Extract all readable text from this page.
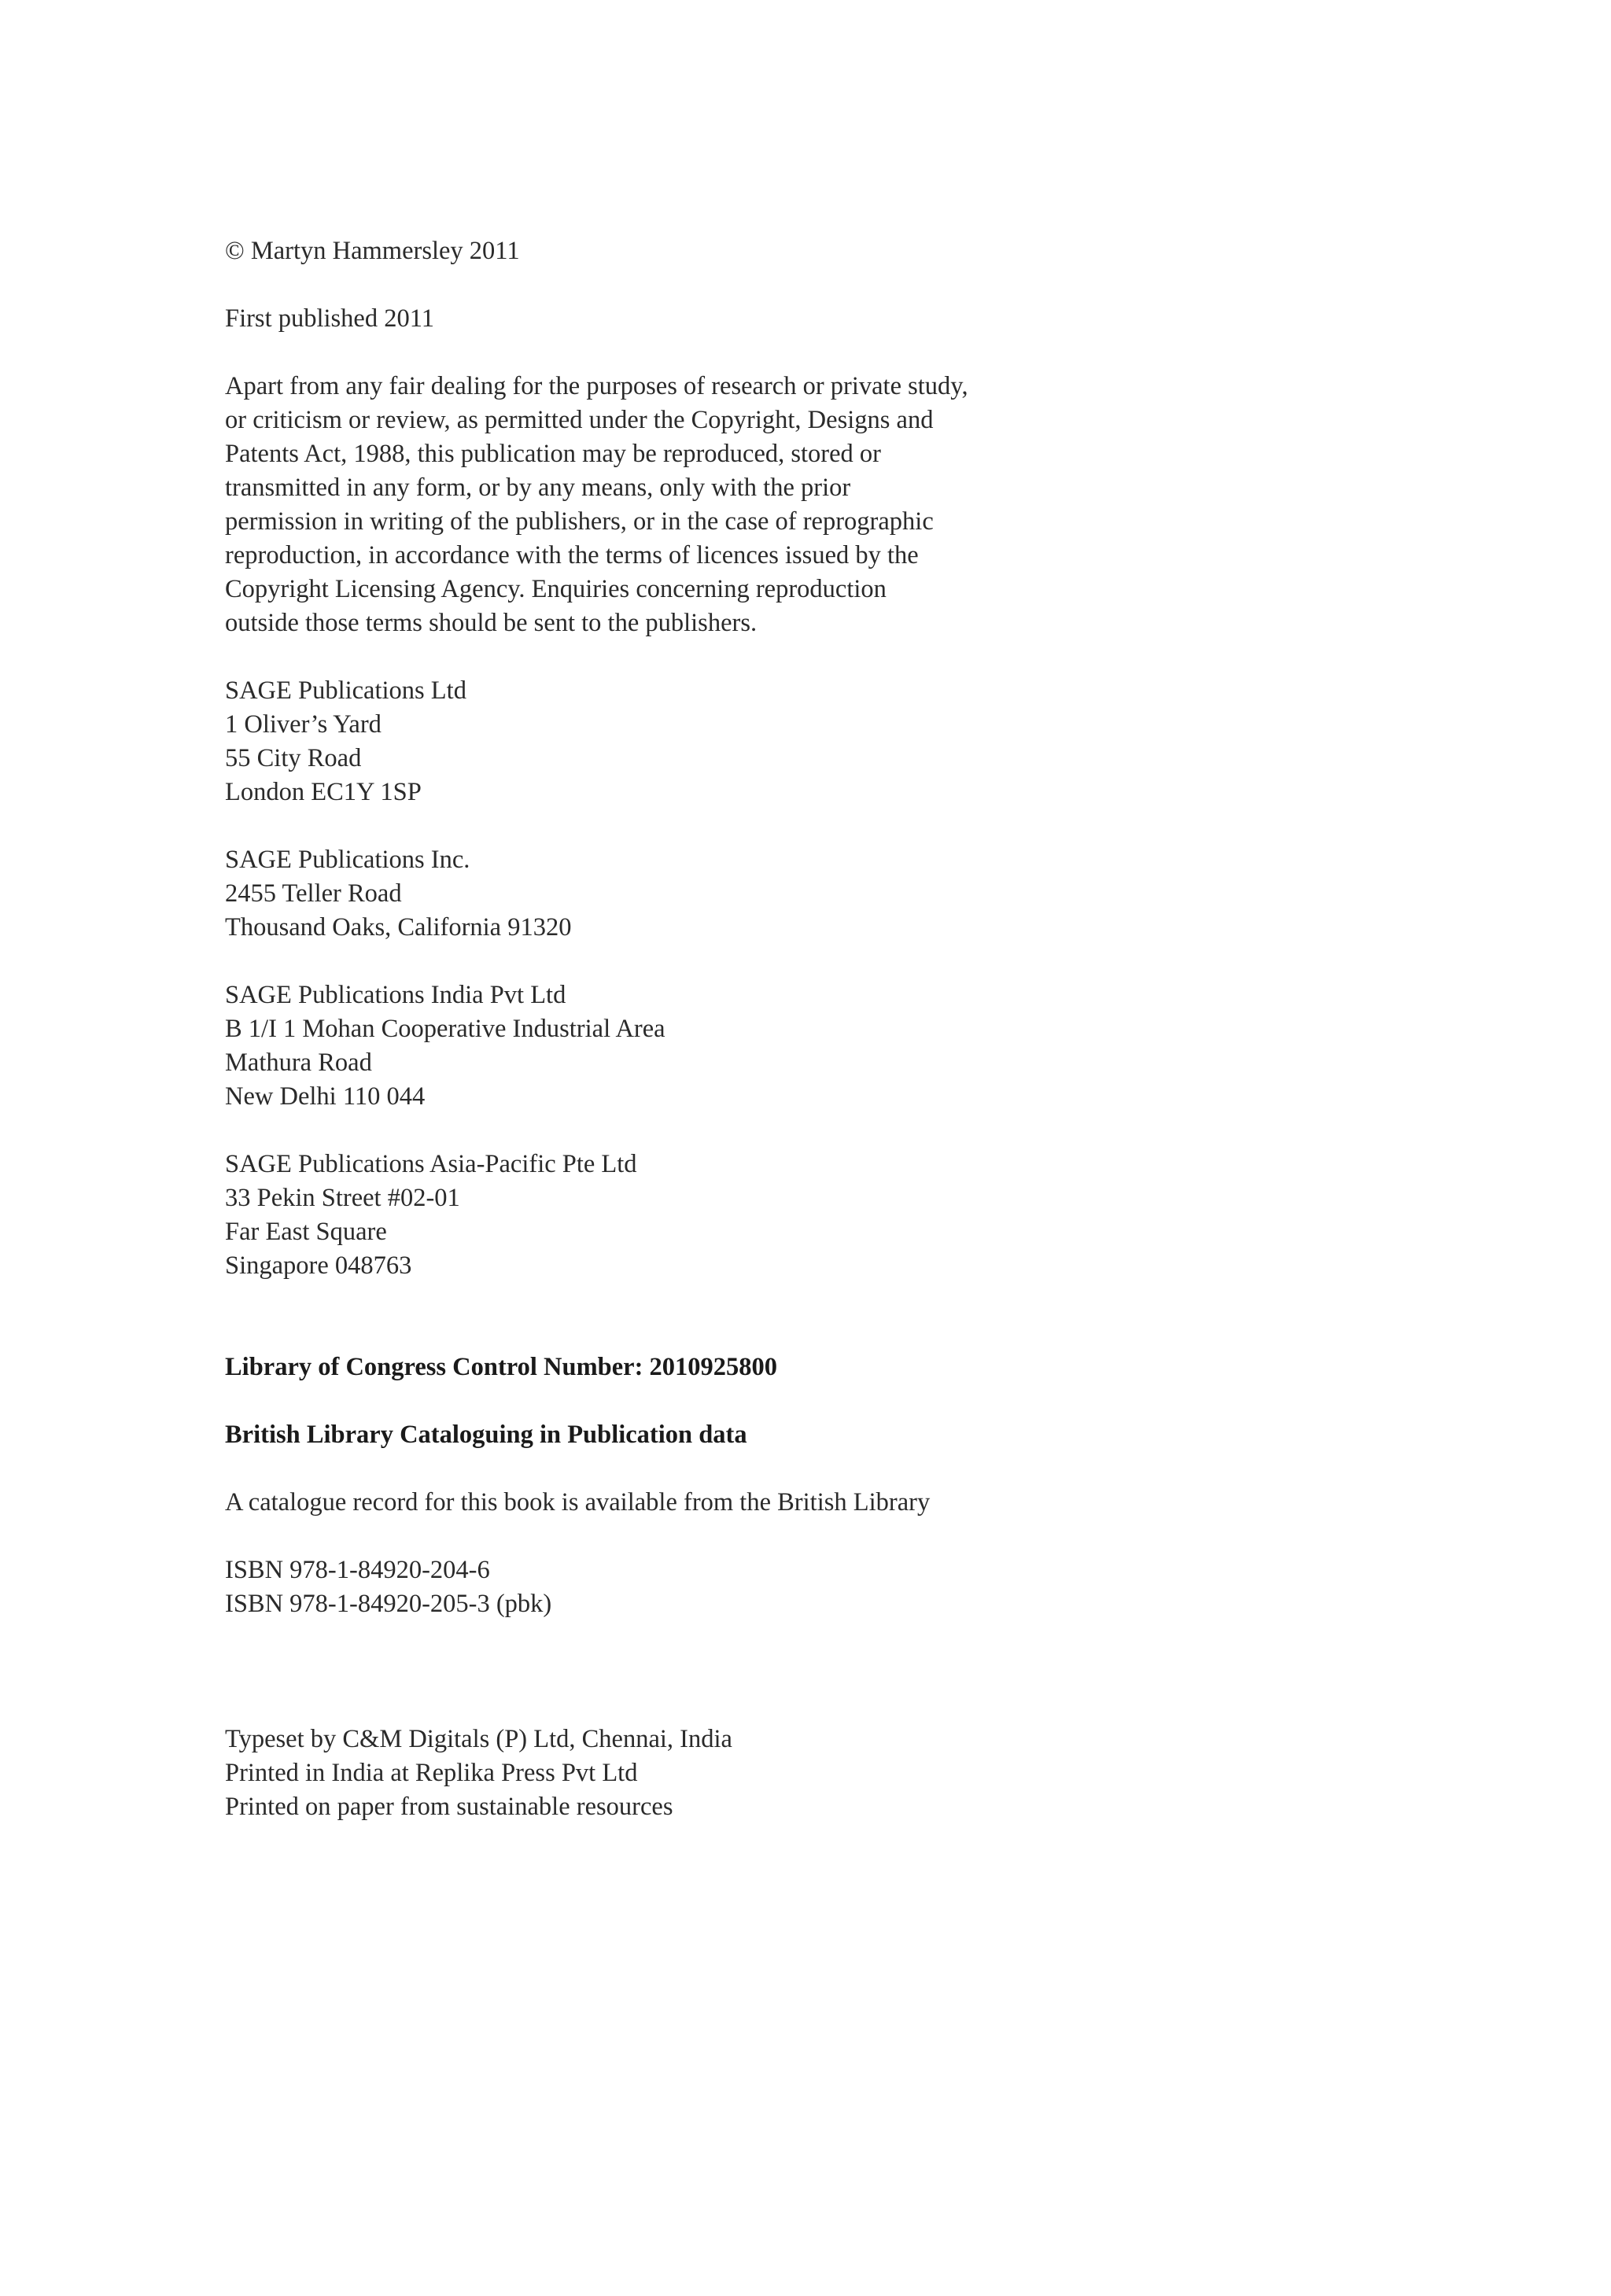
© Martyn Hammersley 2011

First published 2011

Apart from any fair dealing for the purposes of research or private study,
or criticism or review, as permitted under the Copyright, Designs and
Patents Act, 1988, this publication may be reproduced, stored or
transmitted in any form, or by any means, only with the prior
permission in writing of the publishers, or in the case of reprographic
reproduction, in accordance with the terms of licences issued by the
Copyright Licensing Agency. Enquiries concerning reproduction
outside those terms should be sent to the publishers.

SAGE Publications Ltd
1 Oliver’s Yard
55 City Road
London EC1Y 1SP

SAGE Publications Inc.
2455 Teller Road
Thousand Oaks, California 91320

SAGE Publications India Pvt Ltd
B 1/I 1 Mohan Cooperative Industrial Area
Mathura Road
New Delhi 110 044

SAGE Publications Asia-Pacific Pte Ltd
33 Pekin Street #02-01
Far East Square
Singapore 048763

Library of Congress Control Number: 2010925800

British Library Cataloguing in Publication data

A catalogue record for this book is available from the British Library

ISBN 978-1-84920-204-6
ISBN 978-1-84920-205-3 (pbk)

Typeset by C&M Digitals (P) Ltd, Chennai, India
Printed in India at Replika Press Pvt Ltd
Printed on paper from sustainable resources
